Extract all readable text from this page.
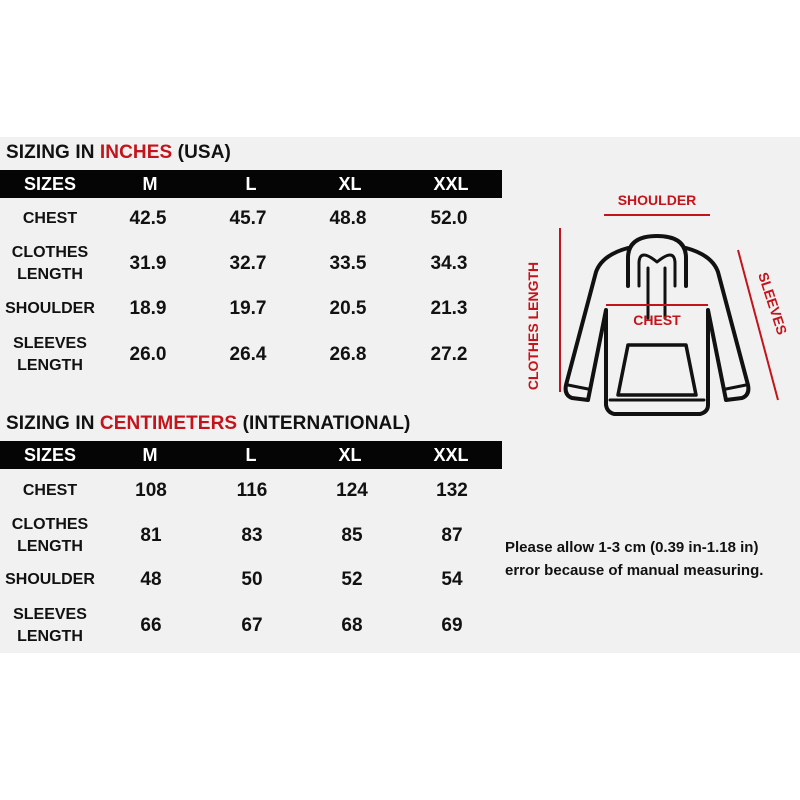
SIZING IN INCHES (USA)
SIZES	M	L	XL	XXL
CHEST	42.5	45.7	48.8	52.0
CLOTHES
LENGTH
31.9	32.7	33.5	34.3
SHOULDER 18.9	19.7	20.5	21.3
SLEEVES
LENGTH
26.0	26.4	26.8	27.2
SIZING IN CENTIMETERS (INTERNATIONAL)
SIZES	M	L	XL	XXL
CHEST	108	116	124	132
CLOTHES
LENGTH
81	83	85	87
SHOULDER 48	50	52	54
SLEEVES
LENGTH
66	67	68	69
SHOULDER
CHEST
CLOTHES LENGTH	SLEEVES
Please allow 1-3 cm (0.39 in-1.18 in)
error because of manual measuring.
